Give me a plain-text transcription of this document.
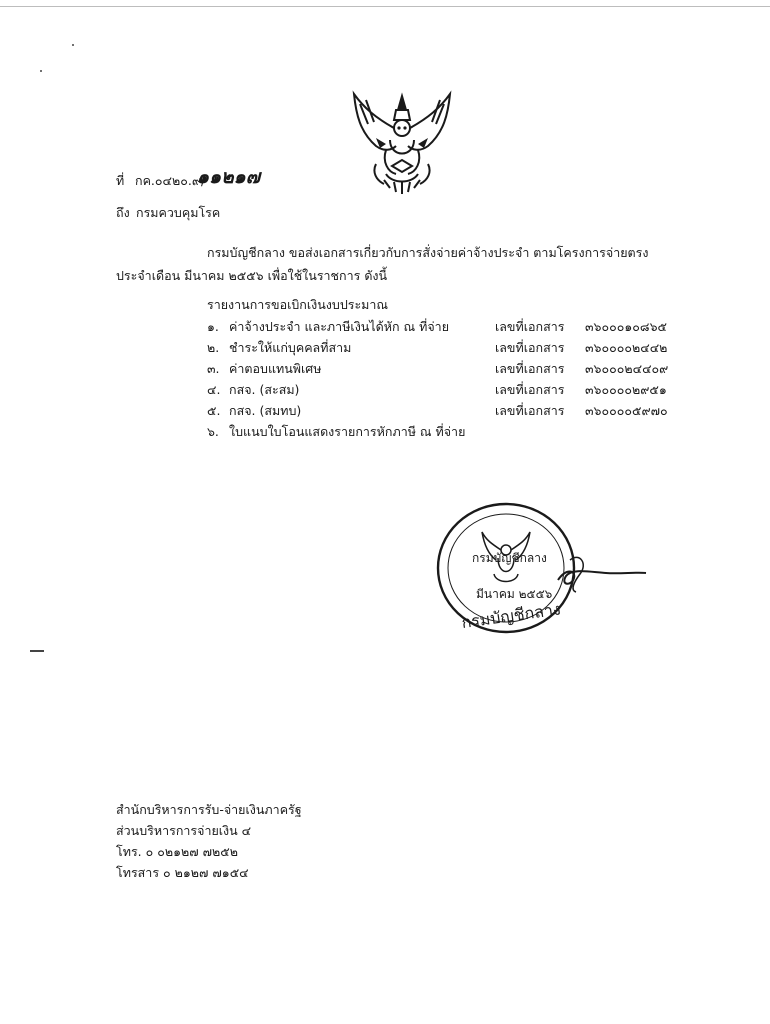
ที่ กค.๐๔๒๐.๙/
๑๑๒๑๗
ถึง กรมควบคุมโรค
กรมบัญชีกลาง ขอส่งเอกสารเกี่ยวกับการสั่งจ่ายค่าจ้างประจำ ตามโครงการจ่ายตรง
ประจำเดือน มีนาคม ๒๕๕๖ เพื่อใช้ในราชการ ดังนี้
รายงานการขอเบิกเงินงบประมาณ
๑. ค่าจ้างประจำ และภาษีเงินได้หัก ณ ที่จ่าย	เลขที่เอกสาร ๓๖๐๐๐๑๐๘๖๕
๒. ชำระให้แก่บุคคลที่สาม	เลขที่เอกสาร ๓๖๐๐๐๐๒๔๔๒
๓. ค่าตอบแทนพิเศษ	เลขที่เอกสาร ๓๖๐๐๐๒๔๔๐๙
๔. กสจ. (สะสม)	เลขที่เอกสาร ๓๖๐๐๐๐๒๙๕๑
๕. กสจ. (สมทบ)	เลขที่เอกสาร ๓๖๐๐๐๐๕๙๗๐
๖. ใบแนบใบโอนแสดงรายการหักภาษี ณ ที่จ่าย
กรมบัญชีกลาง
มีนาคม ๒๕๕๖
กรมบัญชีกลาง
สำนักบริหารการรับ-จ่ายเงินภาครัฐ
ส่วนบริหารการจ่ายเงิน ๔
โทร. ๐ ๐๒๑๒๗ ๗๒๕๒
โทรสาร ๐ ๒๑๒๗ ๗๑๕๔
